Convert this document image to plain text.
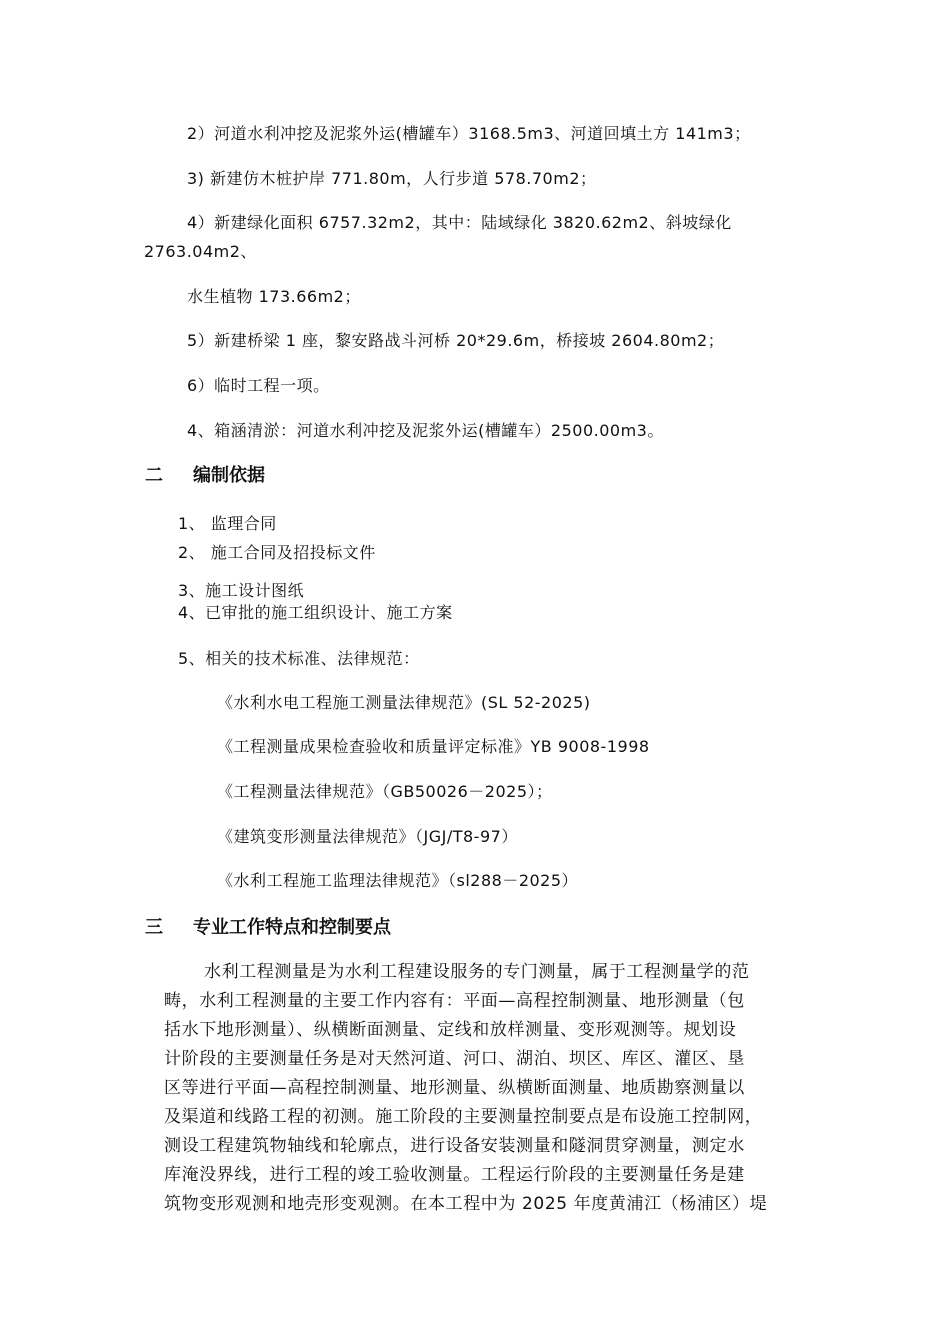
2）河道水利冲挖及泥浆外运(槽罐车）3168.5m3、河道回填土方 141m3；
3) 新建仿木桩护岸 771.80m，人行步道 578.70m2；
4）新建绿化面积 6757.32m2，其中：陆域绿化 3820.62m2、斜坡绿化
2763.04m2、
水生植物 173.66m2；
5）新建桥梁 1 座，黎安路战斗河桥 20*29.6m，桥接坡 2604.80m2；
6）临时工程一项。
4、箱涵清淤：河道水利冲挖及泥浆外运(槽罐车）2500.00m3。
二 编制依据
1、 监理合同
2、 施工合同及招投标文件
3、施工设计图纸
4、已审批的施工组织设计、施工方案
5、相关的技术标准、法律规范：
《水利水电工程施工测量法律规范》(SL 52-2025)
《工程测量成果检查验收和质量评定标准》YB 9008-1998
《工程测量法律规范》（GB50026－2025）；
《建筑变形测量法律规范》（JGJ/T8-97）
《水利工程施工监理法律规范》（sl288－2025）
三 专业工作特点和控制要点
水利工程测量是为水利工程建设服务的专门测量，属于工程测量学的范
畴，水利工程测量的主要工作内容有：平面—高程控制测量、地形测量（包
括水下地形测量）、纵横断面测量、定线和放样测量、变形观测等。规划设
计阶段的主要测量任务是对天然河道、河口、湖泊、坝区、库区、灌区、垦
区等进行平面—高程控制测量、地形测量、纵横断面测量、地质勘察测量以
及渠道和线路工程的初测。施工阶段的主要测量控制要点是布设施工控制网，
测设工程建筑物轴线和轮廓点，进行设备安装测量和隧洞贯穿测量，测定水
库淹没界线，进行工程的竣工验收测量。工程运行阶段的主要测量任务是建
筑物变形观测和地壳形变观测。在本工程中为 2025 年度黄浦江（杨浦区）堤
